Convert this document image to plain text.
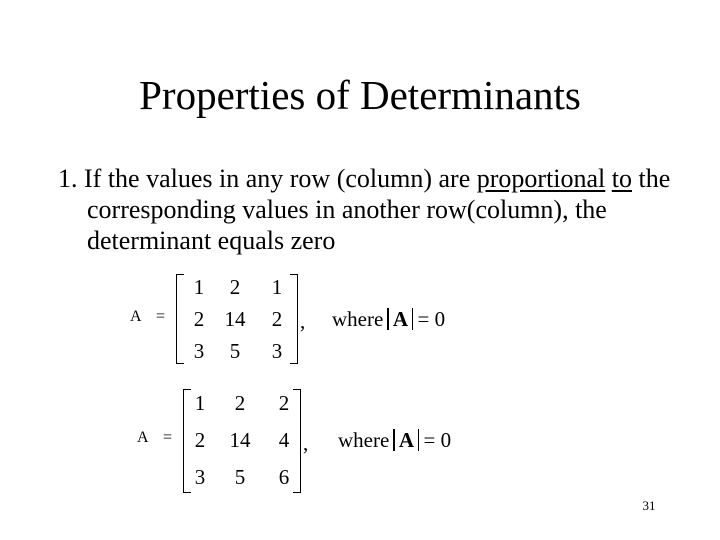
Properties of Determinants
1. If the values in any row (column) are proportional to the corresponding values in another row(column), the determinant equals zero
A =
1	2	1
2 14	2
3	5	3
, where A = 0
A =
1	2	2
2	14	4
3	5	6
, where A = 0
31
